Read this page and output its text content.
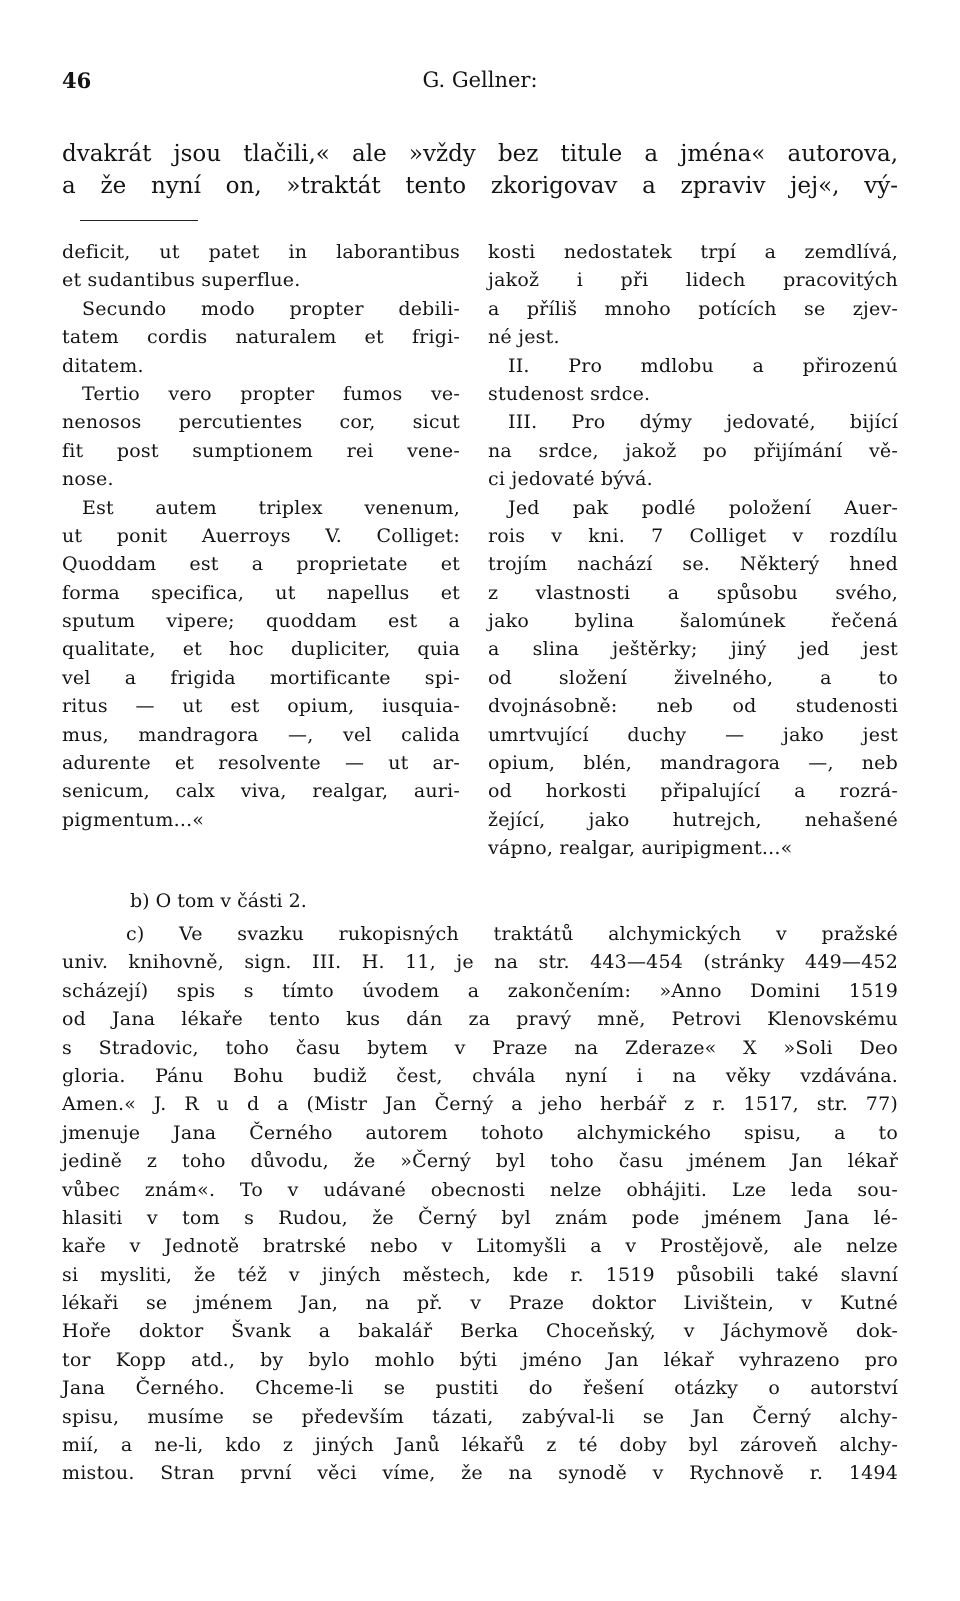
46	G. Gellner:
dvakrát jsou tlačili,« ale »vždy bez titule a jména« autorova,
a že nyní on, »traktát tento zkorigovav a zpraviv jej«, vý-
deficit, ut patet in laborantibus
et sudantibus superflue.
Secundo modo propter debili-
tatem cordis naturalem et frigi-
ditatem.
Tertio vero propter fumos ve-
nenosos percutientes cor, sicut
fit post sumptionem rei vene-
nose.
Est autem triplex venenum,
ut ponit Auerroys V. Colliget:
Quoddam est a proprietate et
forma specifica, ut napellus et
sputum vipere; quoddam est a
qualitate, et hoc dupliciter, quia
vel a frigida mortificante spi-
ritus — ut est opium, iusquia-
mus, mandragora —, vel calida
adurente et resolvente — ut ar-
senicum, calx viva, realgar, auri-
pigmentum...«
kosti nedostatek trpí a zemdlívá,
jakož i při lidech pracovitých
a příliš mnoho potících se zjev-
né jest.
II. Pro mdlobu a přirozenú
studenost srdce.
III. Pro dýmy jedovaté, bijící
na srdce, jakož po přijímání vě-
ci jedovaté bývá.
Jed pak podlé položení Auer-
rois v kni. 7 Colliget v rozdílu
trojím nachází se. Některý hned
z vlastnosti a spůsobu svého,
jako bylina šalomúnek řečená
a slina ještěrky; jiný jed jest
od složení živelného, a to
dvojnásobně: neb od studenosti
umrtvující duchy — jako jest
opium, blén, mandragora —, neb
od horkosti připalující a rozrá-
žející, jako hutrejch, nehašené
vápno, realgar, auripigment...«
b) O tom v části 2.
c) Ve svazku rukopisných traktátů alchymických v pražské
univ. knihovně, sign. III. H. 11, je na str. 443—454 (stránky 449—452
scházejí) spis s tímto úvodem a zakončením: »Anno Domini 1519
od Jana lékaře tento kus dán za pravý mně, Petrovi Klenovskému
s Stradovic, toho času bytem v Praze na Zderaze« X »Soli Deo
gloria. Pánu Bohu budiž čest, chvála nyní i na věky vzdávána.
Amen.« J. R u d a (Mistr Jan Černý a jeho herbář z r. 1517, str. 77)
jmenuje Jana Černého autorem tohoto alchymického spisu, a to
jedině z toho důvodu, že »Černý byl toho času jménem Jan lékař
vůbec znám«. To v udávané obecnosti nelze obhájiti. Lze leda sou-
hlasiti v tom s Rudou, že Černý byl znám pode jménem Jana lé-
kaře v Jednotě bratrské nebo v Litomyšli a v Prostějově, ale nelze
si mysliti, že též v jiných městech, kde r. 1519 působili také slavní
lékaři se jménem Jan, na př. v Praze doktor Livištein, v Kutné
Hoře doktor Švank a bakalář Berka Choceňský, v Jáchymově dok-
tor Kopp atd., by bylo mohlo býti jméno Jan lékař vyhrazeno pro
Jana Černého. Chceme-li se pustiti do řešení otázky o autorství
spisu, musíme se především tázati, zabýval-li se Jan Černý alchy-
mií, a ne-li, kdo z jiných Janů lékařů z té doby byl zároveň alchy-
mistou. Stran první věci víme, že na synodě v Rychnově r. 1494
